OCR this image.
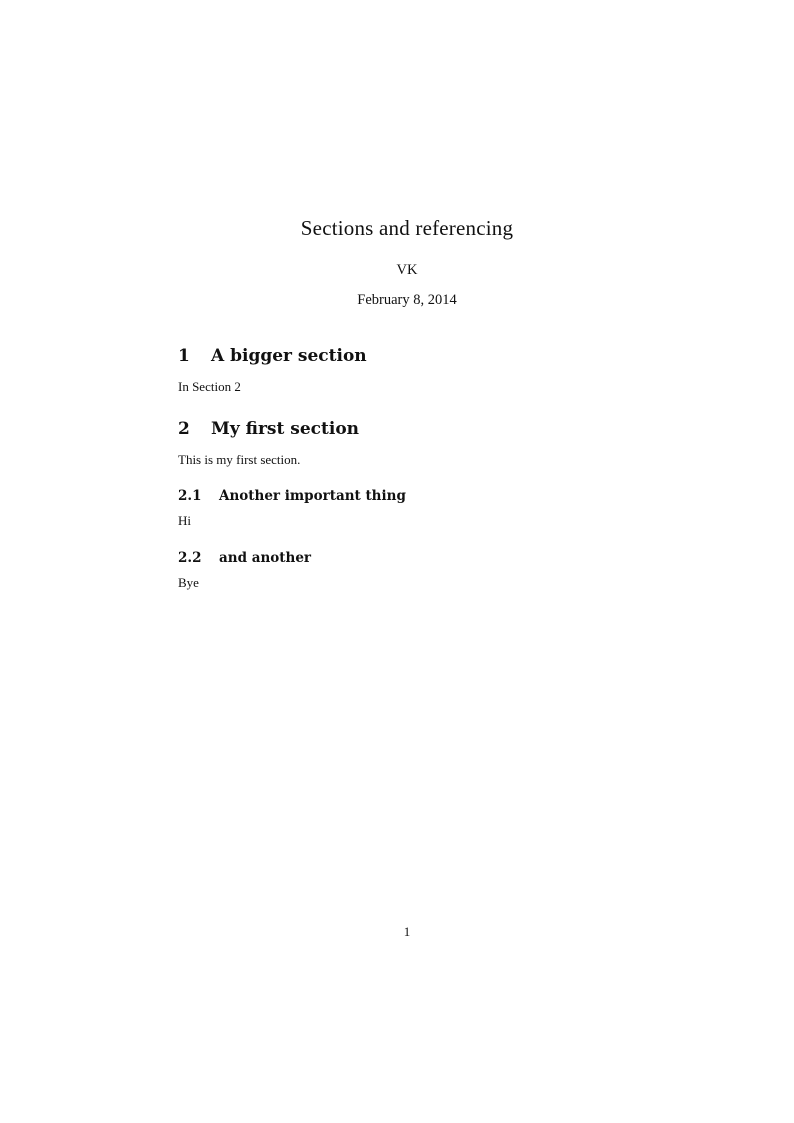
Sections and referencing
VK
February 8, 2014
1 A bigger section
In Section 2
2 My first section
This is my first section.
2.1 Another important thing
Hi
2.2 and another
Bye
1
